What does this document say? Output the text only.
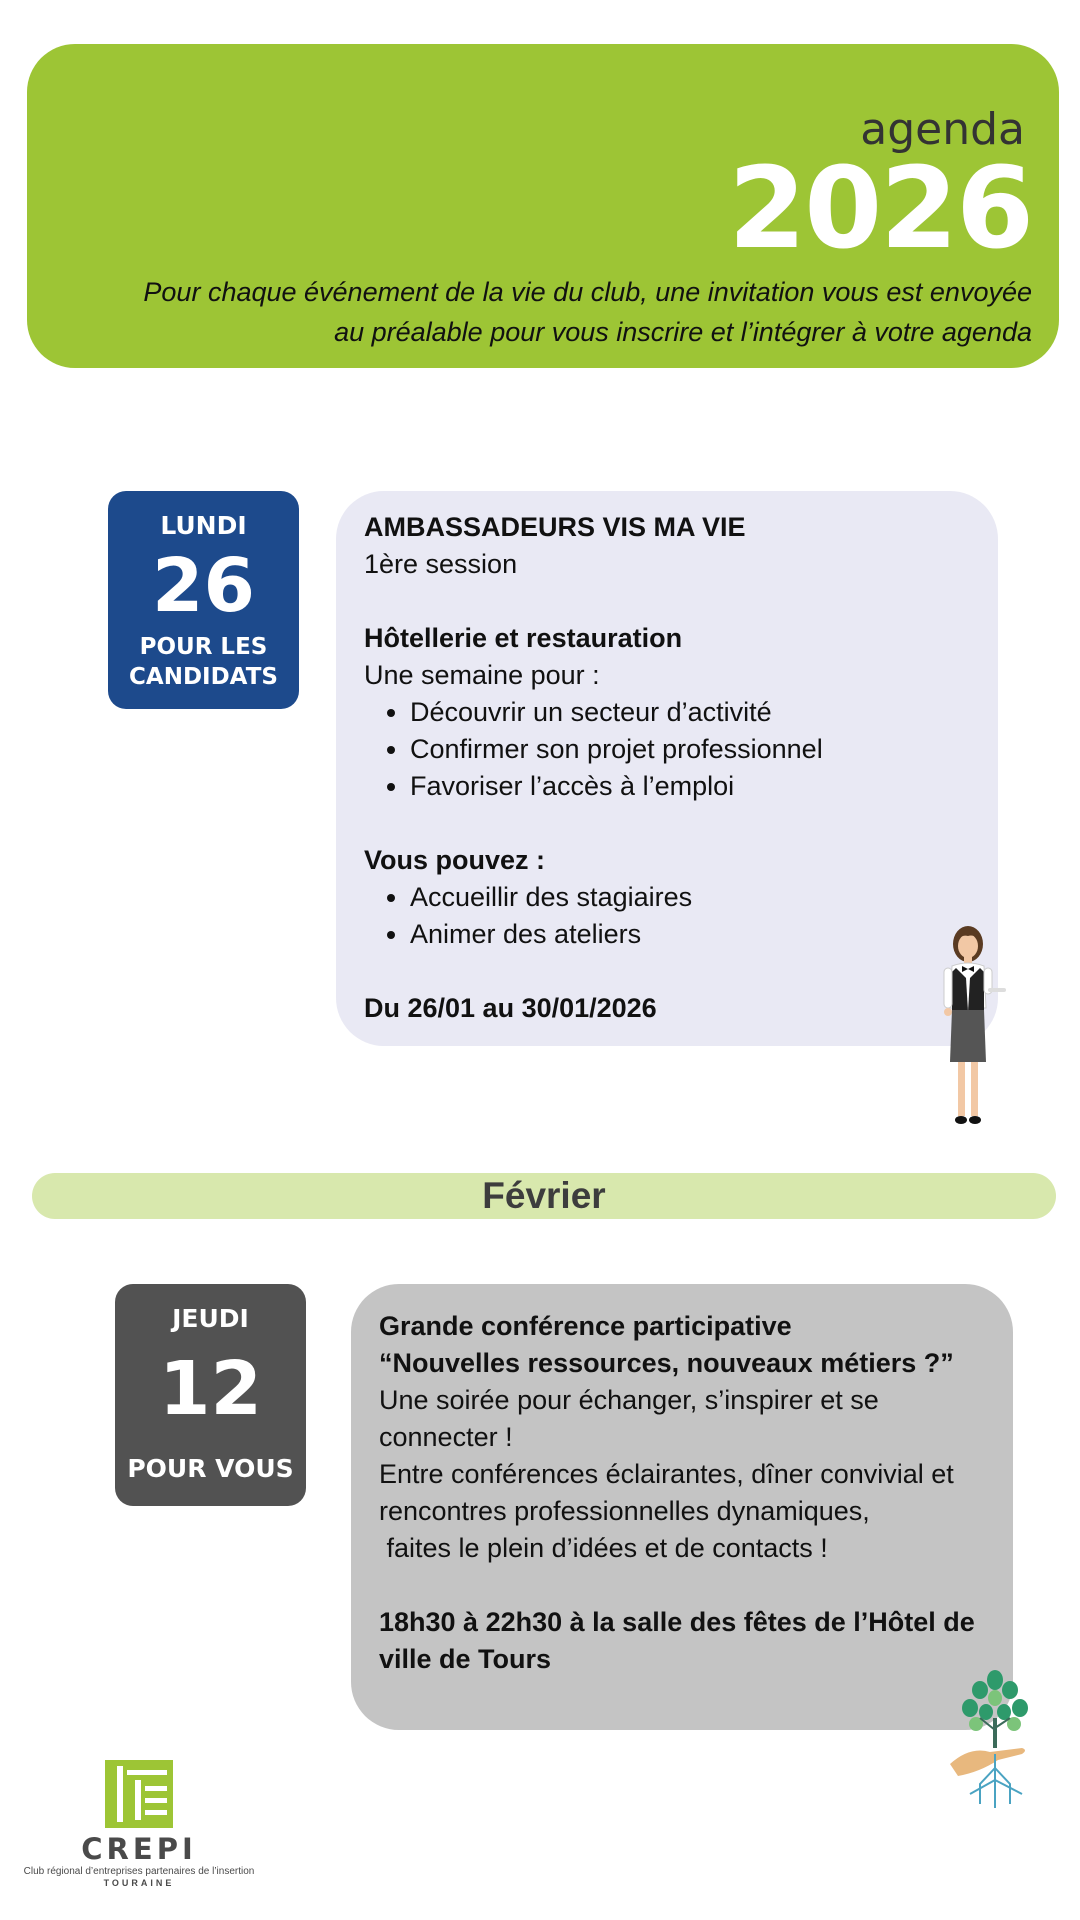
agenda
2026
Pour chaque événement de la vie du club, une invitation vous est envoyée
au préalable pour vous inscrire et l’intégrer à votre agenda
LUNDI
26
POUR LES
CANDIDATS
AMBASSADEURS VIS MA VIE
1ère session
Hôtellerie et restauration
Une semaine pour :
• Découvrir un secteur d’activité
• Confirmer son projet professionnel
• Favoriser l’accès à l’emploi
Vous pouvez :
• Accueillir des stagiaires
• Animer des ateliers
Du 26/01 au 30/01/2026
Février
JEUDI
12
POUR VOUS
Grande conférence participative
“Nouvelles ressources, nouveaux métiers ?”
Une soirée pour échanger, s’inspirer et se
connecter !
Entre conférences éclairantes, dîner convivial et
rencontres professionnelles dynamiques,
faites le plein d’idées et de contacts !
18h30 à 22h30 à la salle des fêtes de l’Hôtel de
ville de Tours
CREPI
Club régional d’entreprises partenaires de l’insertion
TOURAINE
